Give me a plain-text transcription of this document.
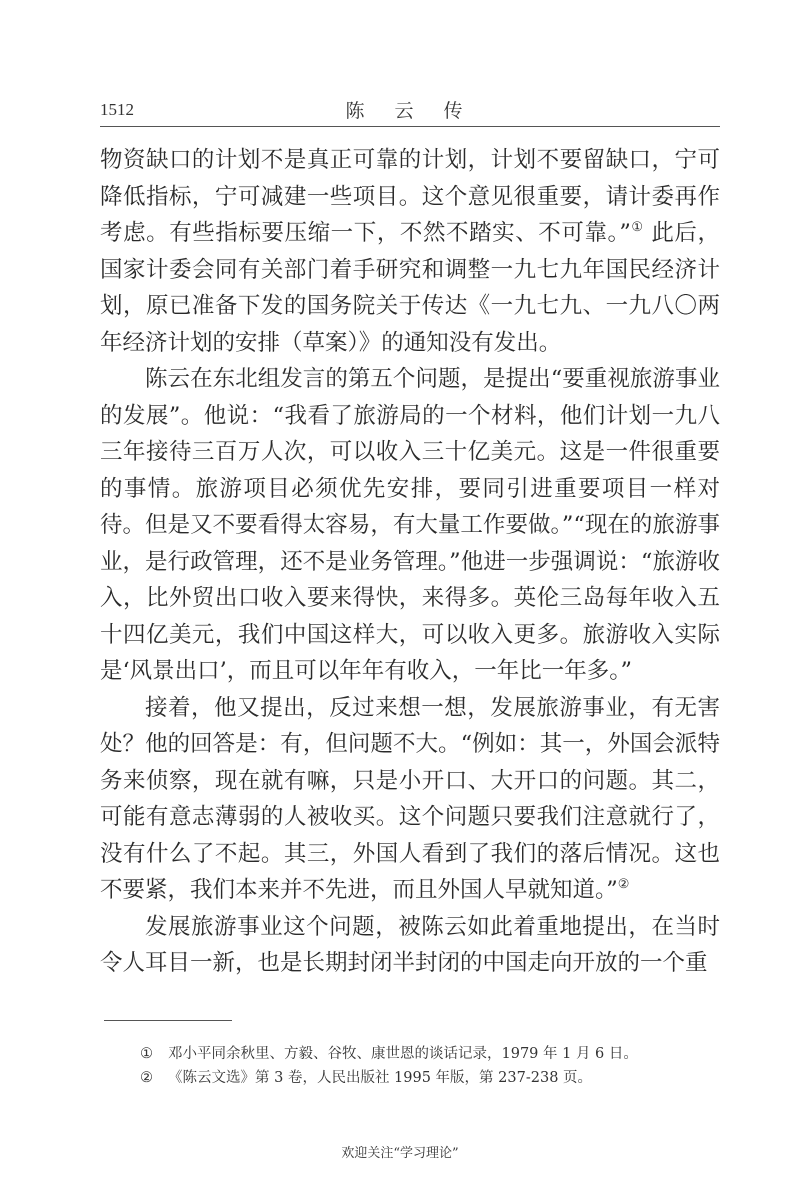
1512	陈 云 传

物资缺口的计划不是真正可靠的计划，计划不要留缺口，宁可降低指标，宁可减建一些项目。这个意见很重要，请计委再作考虑。有些指标要压缩一下，不然不踏实、不可靠。”① 此后，国家计委会同有关部门着手研究和调整一九七九年国民经济计划，原已准备下发的国务院关于传达《一九七九、一九八〇两年经济计划的安排（草案）》的通知没有发出。

陈云在东北组发言的第五个问题，是提出“要重视旅游事业的发展”。他说：“我看了旅游局的一个材料，他们计划一九八三年接待三百万人次，可以收入三十亿美元。这是一件很重要的事情。旅游项目必须优先安排，要同引进重要项目一样对待。但是又不要看得太容易，有大量工作要做。”“现在的旅游事业，是行政管理，还不是业务管理。”他进一步强调说：“旅游收入，比外贸出口收入要来得快，来得多。英伦三岛每年收入五十四亿美元，我们中国这样大，可以收入更多。旅游收入实际是‘风景出口’，而且可以年年有收入，一年比一年多。”

接着，他又提出，反过来想一想，发展旅游事业，有无害处？他的回答是：有，但问题不大。“例如：其一，外国会派特务来侦察，现在就有嘛，只是小开口、大开口的问题。其二，可能有意志薄弱的人被收买。这个问题只要我们注意就行了，没有什么了不起。其三，外国人看到了我们的落后情况。这也不要紧，我们本来并不先进，而且外国人早就知道。”②

发展旅游事业这个问题，被陈云如此着重地提出，在当时令人耳目一新，也是长期封闭半封闭的中国走向开放的一个重

①	邓小平同余秋里、方毅、谷牧、康世恩的谈话记录，1979 年 1 月 6 日。
②	《陈云文选》第 3 卷，人民出版社 1995 年版，第 237-238 页。
欢迎关注“学习理论”
